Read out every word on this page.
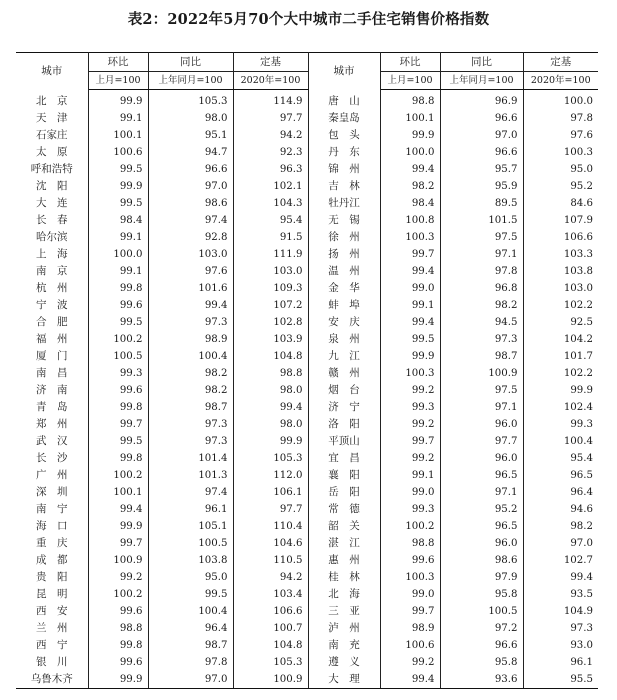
表2：2022年5月70个大中城市二手住宅销售价格指数
城市	环比	同比	定基	城市	环比	同比	定基
	上月=100	上年同月=100	2020年=100		上月=100	上年同月=100	2020年=100
北　京	99.9	105.3	114.9	唐　山	98.8	96.9	100.0
天　津	99.1	98.0	97.7	秦皇岛	100.1	96.6	97.8
石家庄	100.1	95.1	94.2	包　头	99.9	97.0	97.6
太　原	100.6	94.7	92.3	丹　东	100.0	96.6	100.3
呼和浩特	99.5	96.6	96.3	锦　州	99.4	95.7	95.0
沈　阳	99.9	97.0	102.1	吉　林	98.2	95.9	95.2
大　连	99.5	98.6	104.3	牡丹江	98.4	89.5	84.6
长　春	98.4	97.4	95.4	无　锡	100.8	101.5	107.9
哈尔滨	99.1	92.8	91.5	徐　州	100.3	97.5	106.6
上　海	100.0	103.0	111.9	扬　州	99.7	97.1	103.3
南　京	99.1	97.6	103.0	温　州	99.4	97.8	103.8
杭　州	99.8	101.6	109.3	金　华	99.0	96.8	103.0
宁　波	99.6	99.4	107.2	蚌　埠	99.1	98.2	102.2
合　肥	99.5	97.3	102.8	安　庆	99.4	94.5	92.5
福　州	100.2	98.9	103.9	泉　州	99.5	97.3	104.2
厦　门	100.5	100.4	104.8	九　江	99.9	98.7	101.7
南　昌	99.3	98.2	98.8	赣　州	100.3	100.9	102.2
济　南	99.6	98.2	98.0	烟　台	99.2	97.5	99.9
青　岛	99.8	98.7	99.4	济　宁	99.3	97.1	102.4
郑　州	99.7	97.3	98.0	洛　阳	99.2	96.0	99.3
武　汉	99.5	97.3	99.9	平顶山	99.7	97.7	100.4
长　沙	99.8	101.4	105.3	宜　昌	99.2	96.0	95.4
广　州	100.2	101.3	112.0	襄　阳	99.1	96.5	96.5
深　圳	100.1	97.4	106.1	岳　阳	99.0	97.1	96.4
南　宁	99.4	96.1	97.7	常　德	99.3	95.2	94.6
海　口	99.9	105.1	110.4	韶　关	100.2	96.5	98.2
重　庆	99.7	100.5	104.6	湛　江	98.8	96.0	97.0
成　都	100.9	103.8	110.5	惠　州	99.6	98.6	102.7
贵　阳	99.2	95.0	94.2	桂　林	100.3	97.9	99.4
昆　明	100.2	99.5	103.4	北　海	99.0	95.8	93.5
西　安	99.6	100.4	106.6	三　亚	99.7	100.5	104.9
兰　州	98.8	96.4	100.7	泸　州	98.9	97.2	97.3
西　宁	99.8	98.7	104.8	南　充	100.6	96.6	93.0
银　川	99.6	97.8	105.3	遵　义	99.2	95.8	96.1
乌鲁木齐	99.9	97.0	100.9	大　理	99.4	93.6	95.5
